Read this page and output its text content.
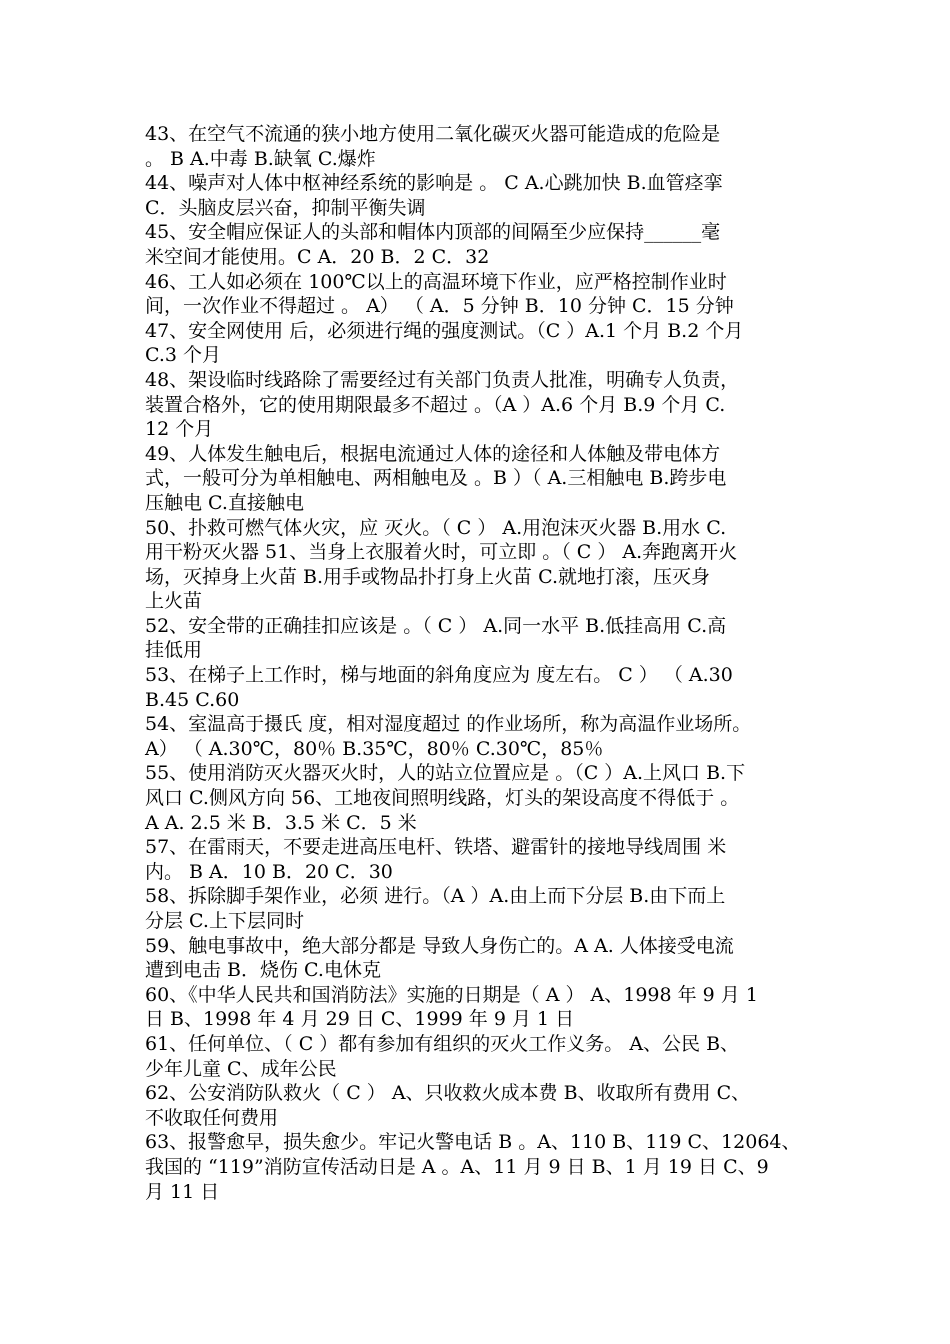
43、在空气不流通的狭小地方使用二氧化碳灭火器可能造成的危险是
。 B A.中毒 B.缺氧 C.爆炸
44、噪声对人体中枢神经系统的影响是 。 C A.心跳加快 B.血管痉挛
C．头脑皮层兴奋，抑制平衡失调
45、安全帽应保证人的头部和帽体内顶部的间隔至少应保持______毫
米空间才能使用。C A．20 B．2 C．32
46、工人如必须在 100℃以上的高温环境下作业，应严格控制作业时
间，一次作业不得超过 。 A） （ A．5 分钟 B．10 分钟 C．15 分钟
47、安全网使用 后，必须进行绳的强度测试。（C ）A.1 个月 B.2 个月
C.3 个月
48、架设临时线路除了需要经过有关部门负责人批准，明确专人负责，
装置合格外，它的使用期限最多不超过 。（A ）A.6 个月 B.9 个月 C.
12 个月
49、人体发生触电后，根据电流通过人体的途径和人体触及带电体方
式，一般可分为单相触电、两相触电及 。B ）（ A.三相触电 B.跨步电
压触电 C.直接触电
50、扑救可燃气体火灾，应 灭火。（ C ） A.用泡沫灭火器 B.用水 C.
用干粉灭火器 51、当身上衣服着火时，可立即 。（ C ） A.奔跑离开火
场，灭掉身上火苗 B.用手或物品扑打身上火苗 C.就地打滚，压灭身
上火苗
52、安全带的正确挂扣应该是 。（ C ） A.同一水平 B.低挂高用 C.高
挂低用
53、在梯子上工作时，梯与地面的斜角度应为 度左右。 C ） （ A.30
B.45 C.60
54、室温高于摄氏 度，相对湿度超过 的作业场所，称为高温作业场所。
A） （ A.30℃，80％ B.35℃，80％ C.30℃，85％
55、使用消防灭火器灭火时，人的站立位置应是 。（C ）A.上风口 B.下
风口 C.侧风方向 56、工地夜间照明线路，灯头的架设高度不得低于 。
A A. 2.5 米 B．3.5 米 C．5 米
57、在雷雨天，不要走进高压电杆、铁塔、避雷针的接地导线周围 米
内。 B A．10 B．20 C．30
58、拆除脚手架作业，必须 进行。（A ）A.由上而下分层 B.由下而上
分层 C.上下层同时
59、触电事故中，绝大部分都是 导致人身伤亡的。A A. 人体接受电流
遭到电击 B．烧伤 C.电休克
60、《中华人民共和国消防法》实施的日期是（ A ） A、1998 年 9 月 1
日 B、1998 年 4 月 29 日 C、1999 年 9 月 1 日
61、任何单位、（ C ）都有参加有组织的灭火工作义务。 A、公民 B、
少年儿童 C、成年公民
62、公安消防队救火（ C ） A、只收救火成本费 B、收取所有费用 C、
不收取任何费用
63、报警愈早，损失愈少。牢记火警电话 B 。A、110 B、119 C、12064、
我国的 “119”消防宣传活动日是 A 。A、11 月 9 日 B、1 月 19 日 C、9
月 11 日
